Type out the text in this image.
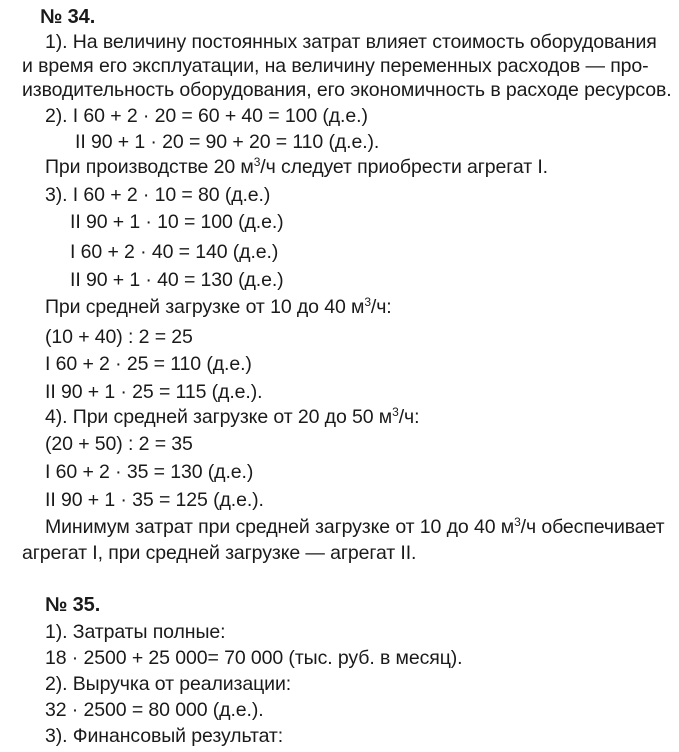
№ 34.
1). На величину постоянных затрат влияет стоимость оборудования
и время его эксплуатации, на величину переменных расходов — про-
изводительность оборудования, его экономичность в расходе ресурсов.
2). I 60 + 2 · 20 = 60 + 40 = 100 (д.е.)
II 90 + 1 · 20 = 90 + 20 = 110 (д.е.).
При производстве 20 $м^3/ч$ следует приобрести агрегат I.
3). I 60 + 2 · 10 = 80 (д.е.)
II 90 + 1 · 10 = 100 (д.е.)
I 60 + 2 · 40 = 140 (д.е.)
II 90 + 1 · 40 = 130 (д.е.)
При средней загрузке от 10 до 40 $м^3/ч$:
(10 + 40) : 2 = 25
I 60 + 2 · 25 = 110 (д.е.)
II 90 + 1 · 25 = 115 (д.е.).
4). При средней загрузке от 20 до 50 $м^3/ч$:
(20 + 50) : 2 = 35
I 60 + 2 · 35 = 130 (д.е.)
II 90 + 1 · 35 = 125 (д.е.).
Минимум затрат при средней загрузке от 10 до 40 $м^3/ч$ обеспечивает
агрегат I, при средней загрузке — агрегат II.
№ 35.
1). Затраты полные:
18 · 2500 + 25 000= 70 000 (тыс. руб. в месяц).
2). Выручка от реализации:
32 · 2500 = 80 000 (д.е.).
3). Финансовый результат:
